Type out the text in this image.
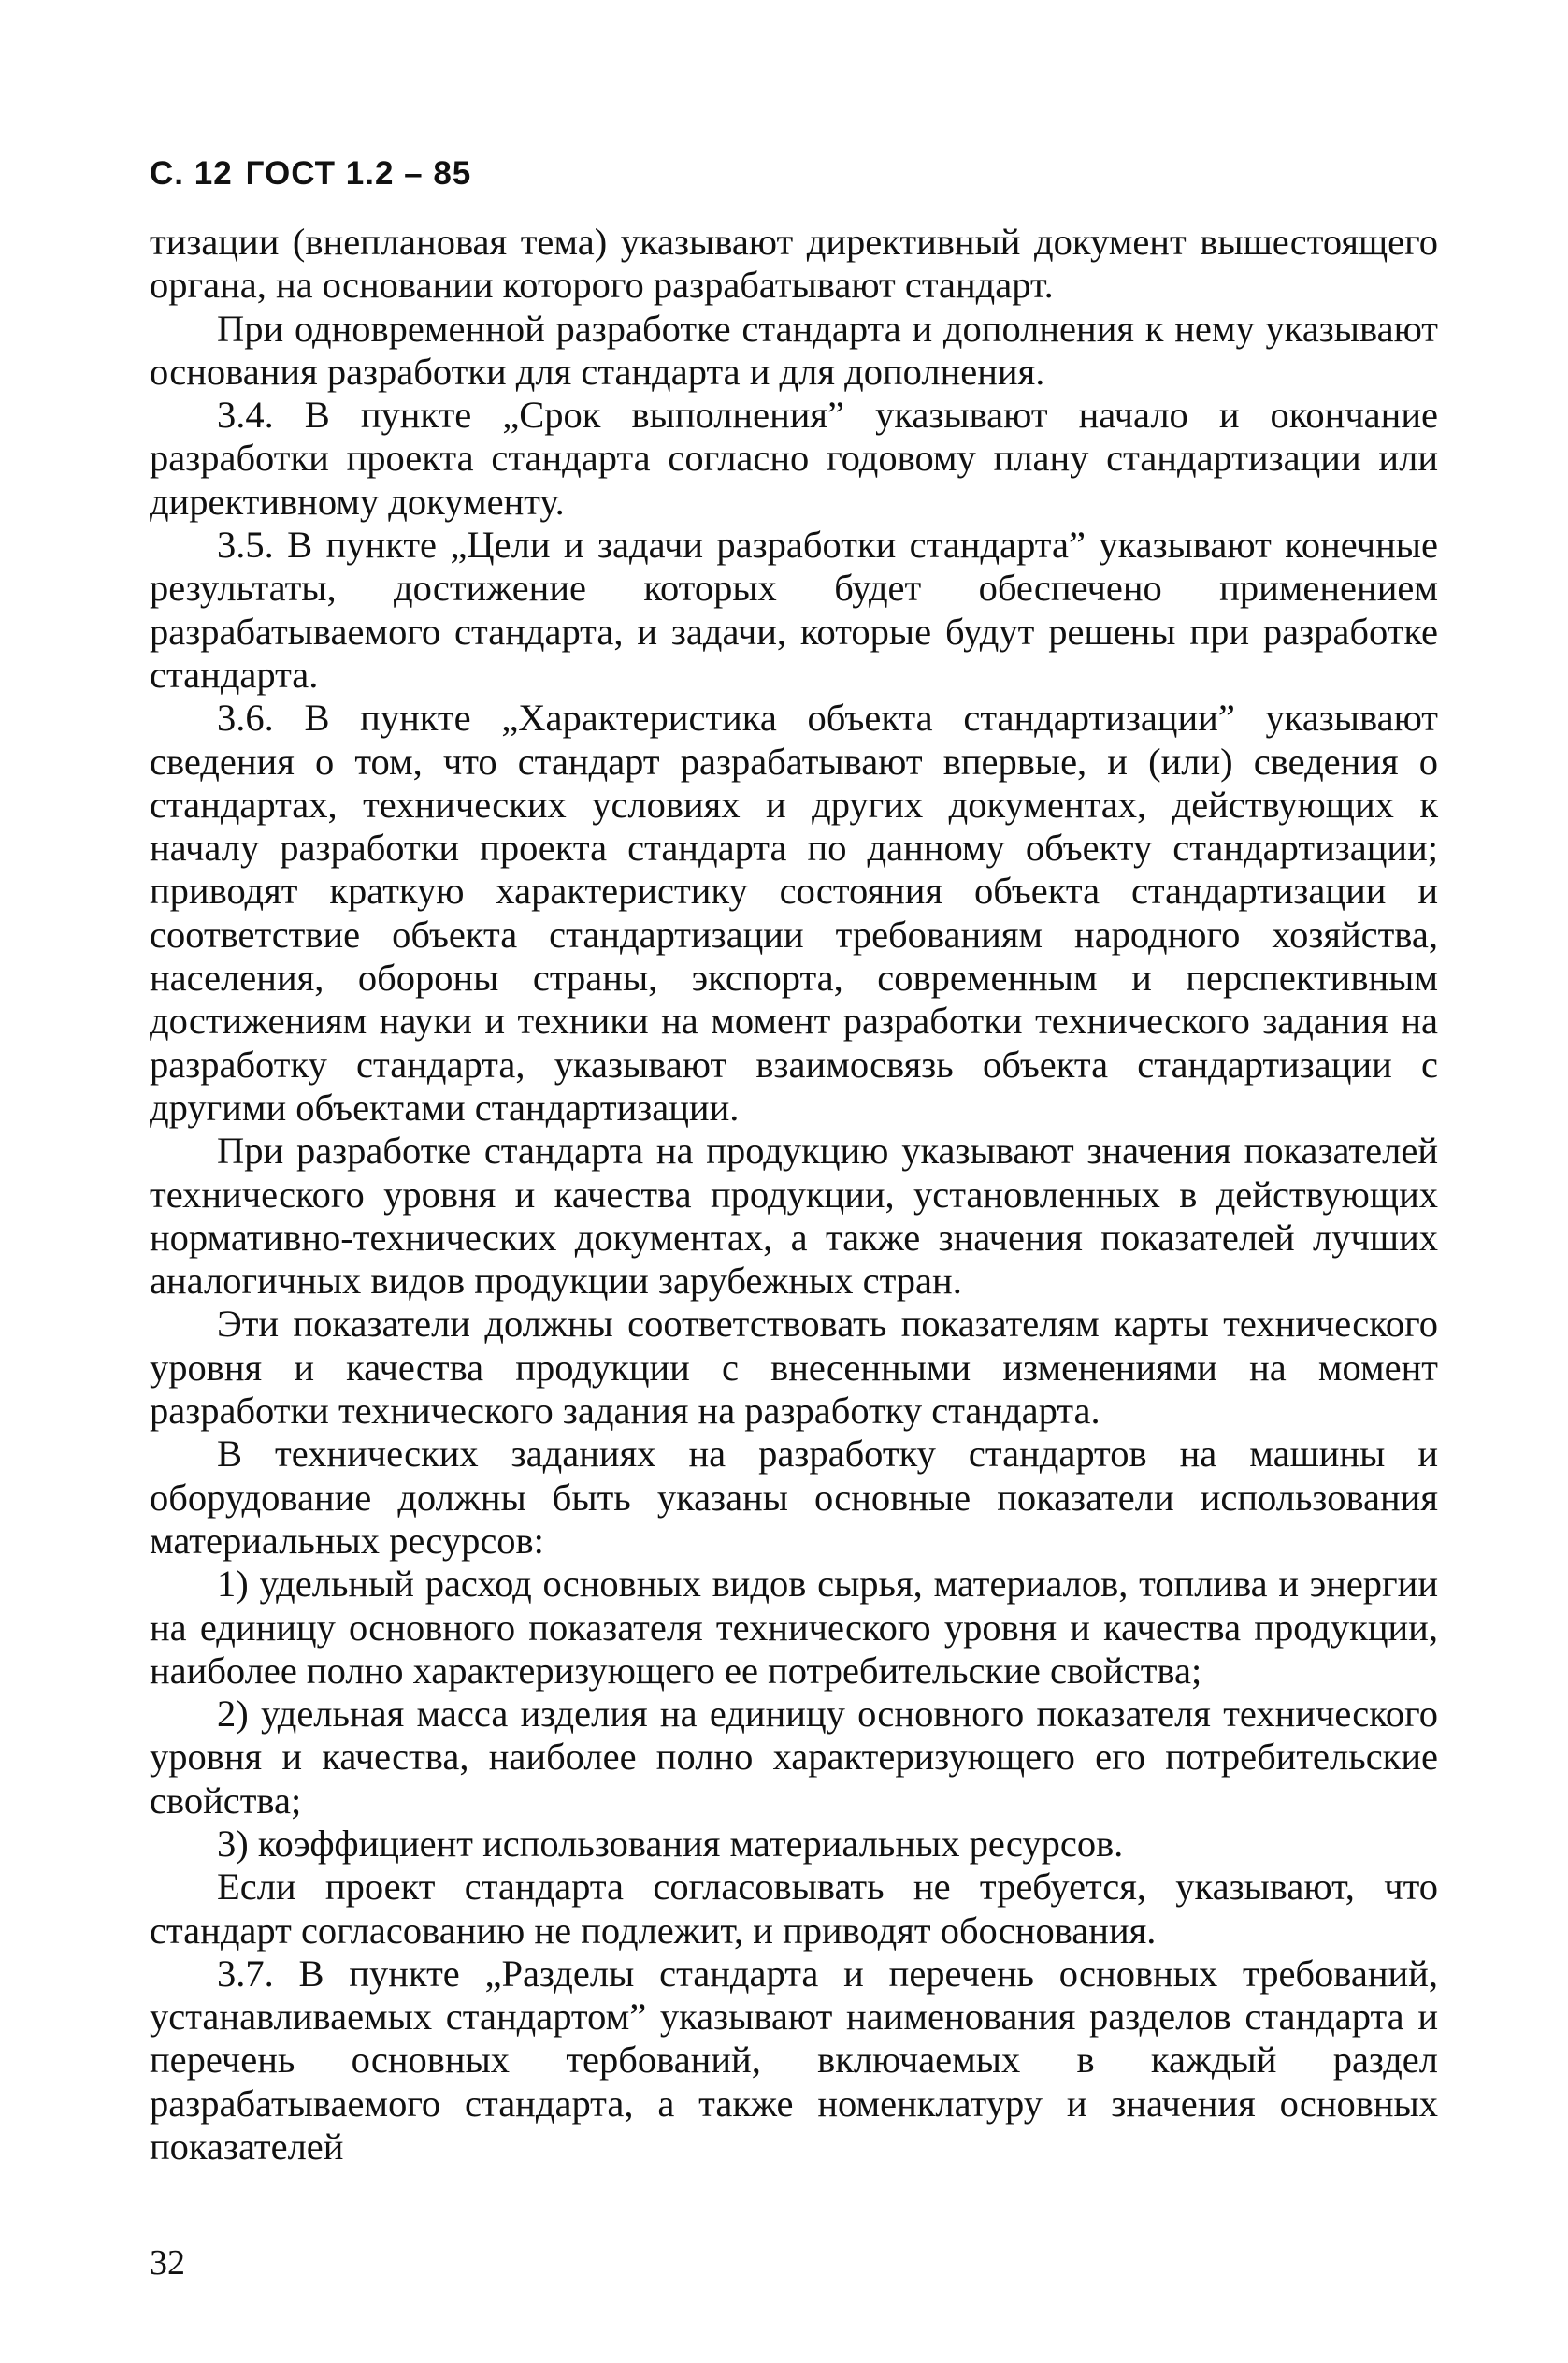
С. 12 ГОСТ 1.2 – 85

тизации (внеплановая тема) указывают директивный документ вышестоящего органа, на основании которого разрабатывают стандарт.

При одновременной разработке стандарта и дополнения к нему указывают основания разработки для стандарта и для дополнения.

3.4. В пункте „Срок выполнения” указывают начало и окончание разработки проекта стандарта согласно годовому плану стандартизации или директивному документу.

3.5. В пункте „Цели и задачи разработки стандарта” указывают конечные результаты, достижение которых будет обеспечено применением разрабатываемого стандарта, и задачи, которые будут решены при разработке стандарта.

3.6. В пункте „Характеристика объекта стандартизации” указывают сведения о том, что стандарт разрабатывают впервые, и (или) сведения о стандартах, технических условиях и других документах, действующих к началу разработки проекта стандарта по данному объекту стандартизации; приводят краткую характеристику состояния объекта стандартизации и соответствие объекта стандартизации требованиям народного хозяйства, населения, обороны страны, экспорта, современным и перспективным достижениям науки и техники на момент разработки технического задания на разработку стандарта, указывают взаимосвязь объекта стандартизации с другими объектами стандартизации.

При разработке стандарта на продукцию указывают значения показателей технического уровня и качества продукции, установленных в действующих нормативно-технических документах, а также значения показателей лучших аналогичных видов продукции зарубежных стран.

Эти показатели должны соответствовать показателям карты технического уровня и качества продукции с внесенными изменениями на момент разработки технического задания на разработку стандарта.

В технических заданиях на разработку стандартов на машины и оборудование должны быть указаны основные показатели использования материальных ресурсов:

1) удельный расход основных видов сырья, материалов, топлива и энергии на единицу основного показателя технического уровня и качества продукции, наиболее полно характеризующего ее потребительские свойства;

2) удельная масса изделия на единицу основного показателя технического уровня и качества, наиболее полно характеризующего его потребительские свойства;

3) коэффициент использования материальных ресурсов.

Если проект стандарта согласовывать не требуется, указывают, что стандарт согласованию не подлежит, и приводят обоснования.

3.7. В пункте „Разделы стандарта и перечень основных требований, устанавливаемых стандартом” указывают наименования разделов стандарта и перечень основных тербований, включаемых в каждый раздел разрабатываемого стандарта, а также номенклатуру и значения основных показателей

32
